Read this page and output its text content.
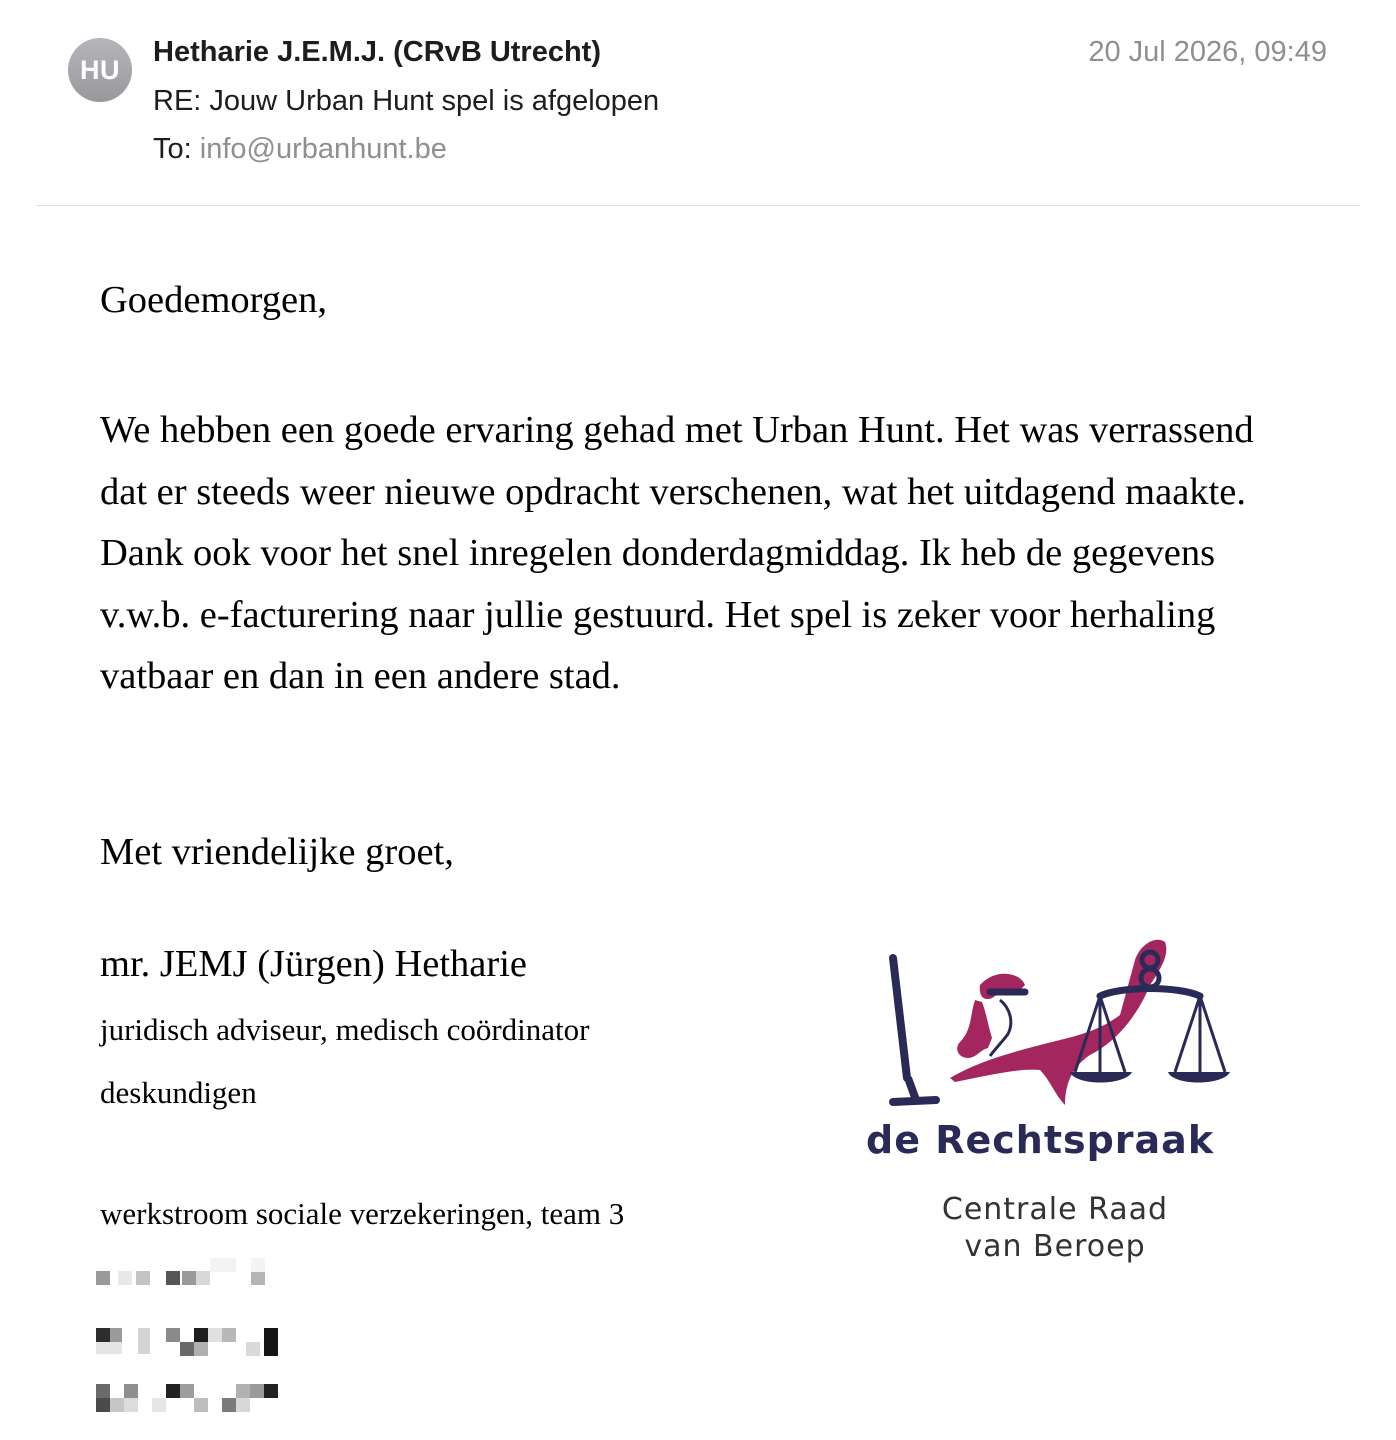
HU
Hetharie J.E.M.J. (CRvB Utrecht)	20 Jul 2026, 09:49
RE: Jouw Urban Hunt spel is afgelopen
To: info@urbanhunt.be
Goedemorgen,
We hebben een goede ervaring gehad met Urban Hunt. Het was verrassend dat er steeds weer nieuwe opdracht verschenen, wat het uitdagend maakte. Dank ook voor het snel inregelen donderdagmiddag. Ik heb de gegevens v.w.b. e-facturering naar jullie gestuurd. Het spel is zeker voor herhaling vatbaar en dan in een andere stad.
Met vriendelijke groet,
mr. JEMJ (Jürgen) Hetharie
juridisch adviseur, medisch coördinator
deskundigen
werkstroom sociale verzekeringen, team 3
de Rechtspraak
Centrale Raad
van Beroep
